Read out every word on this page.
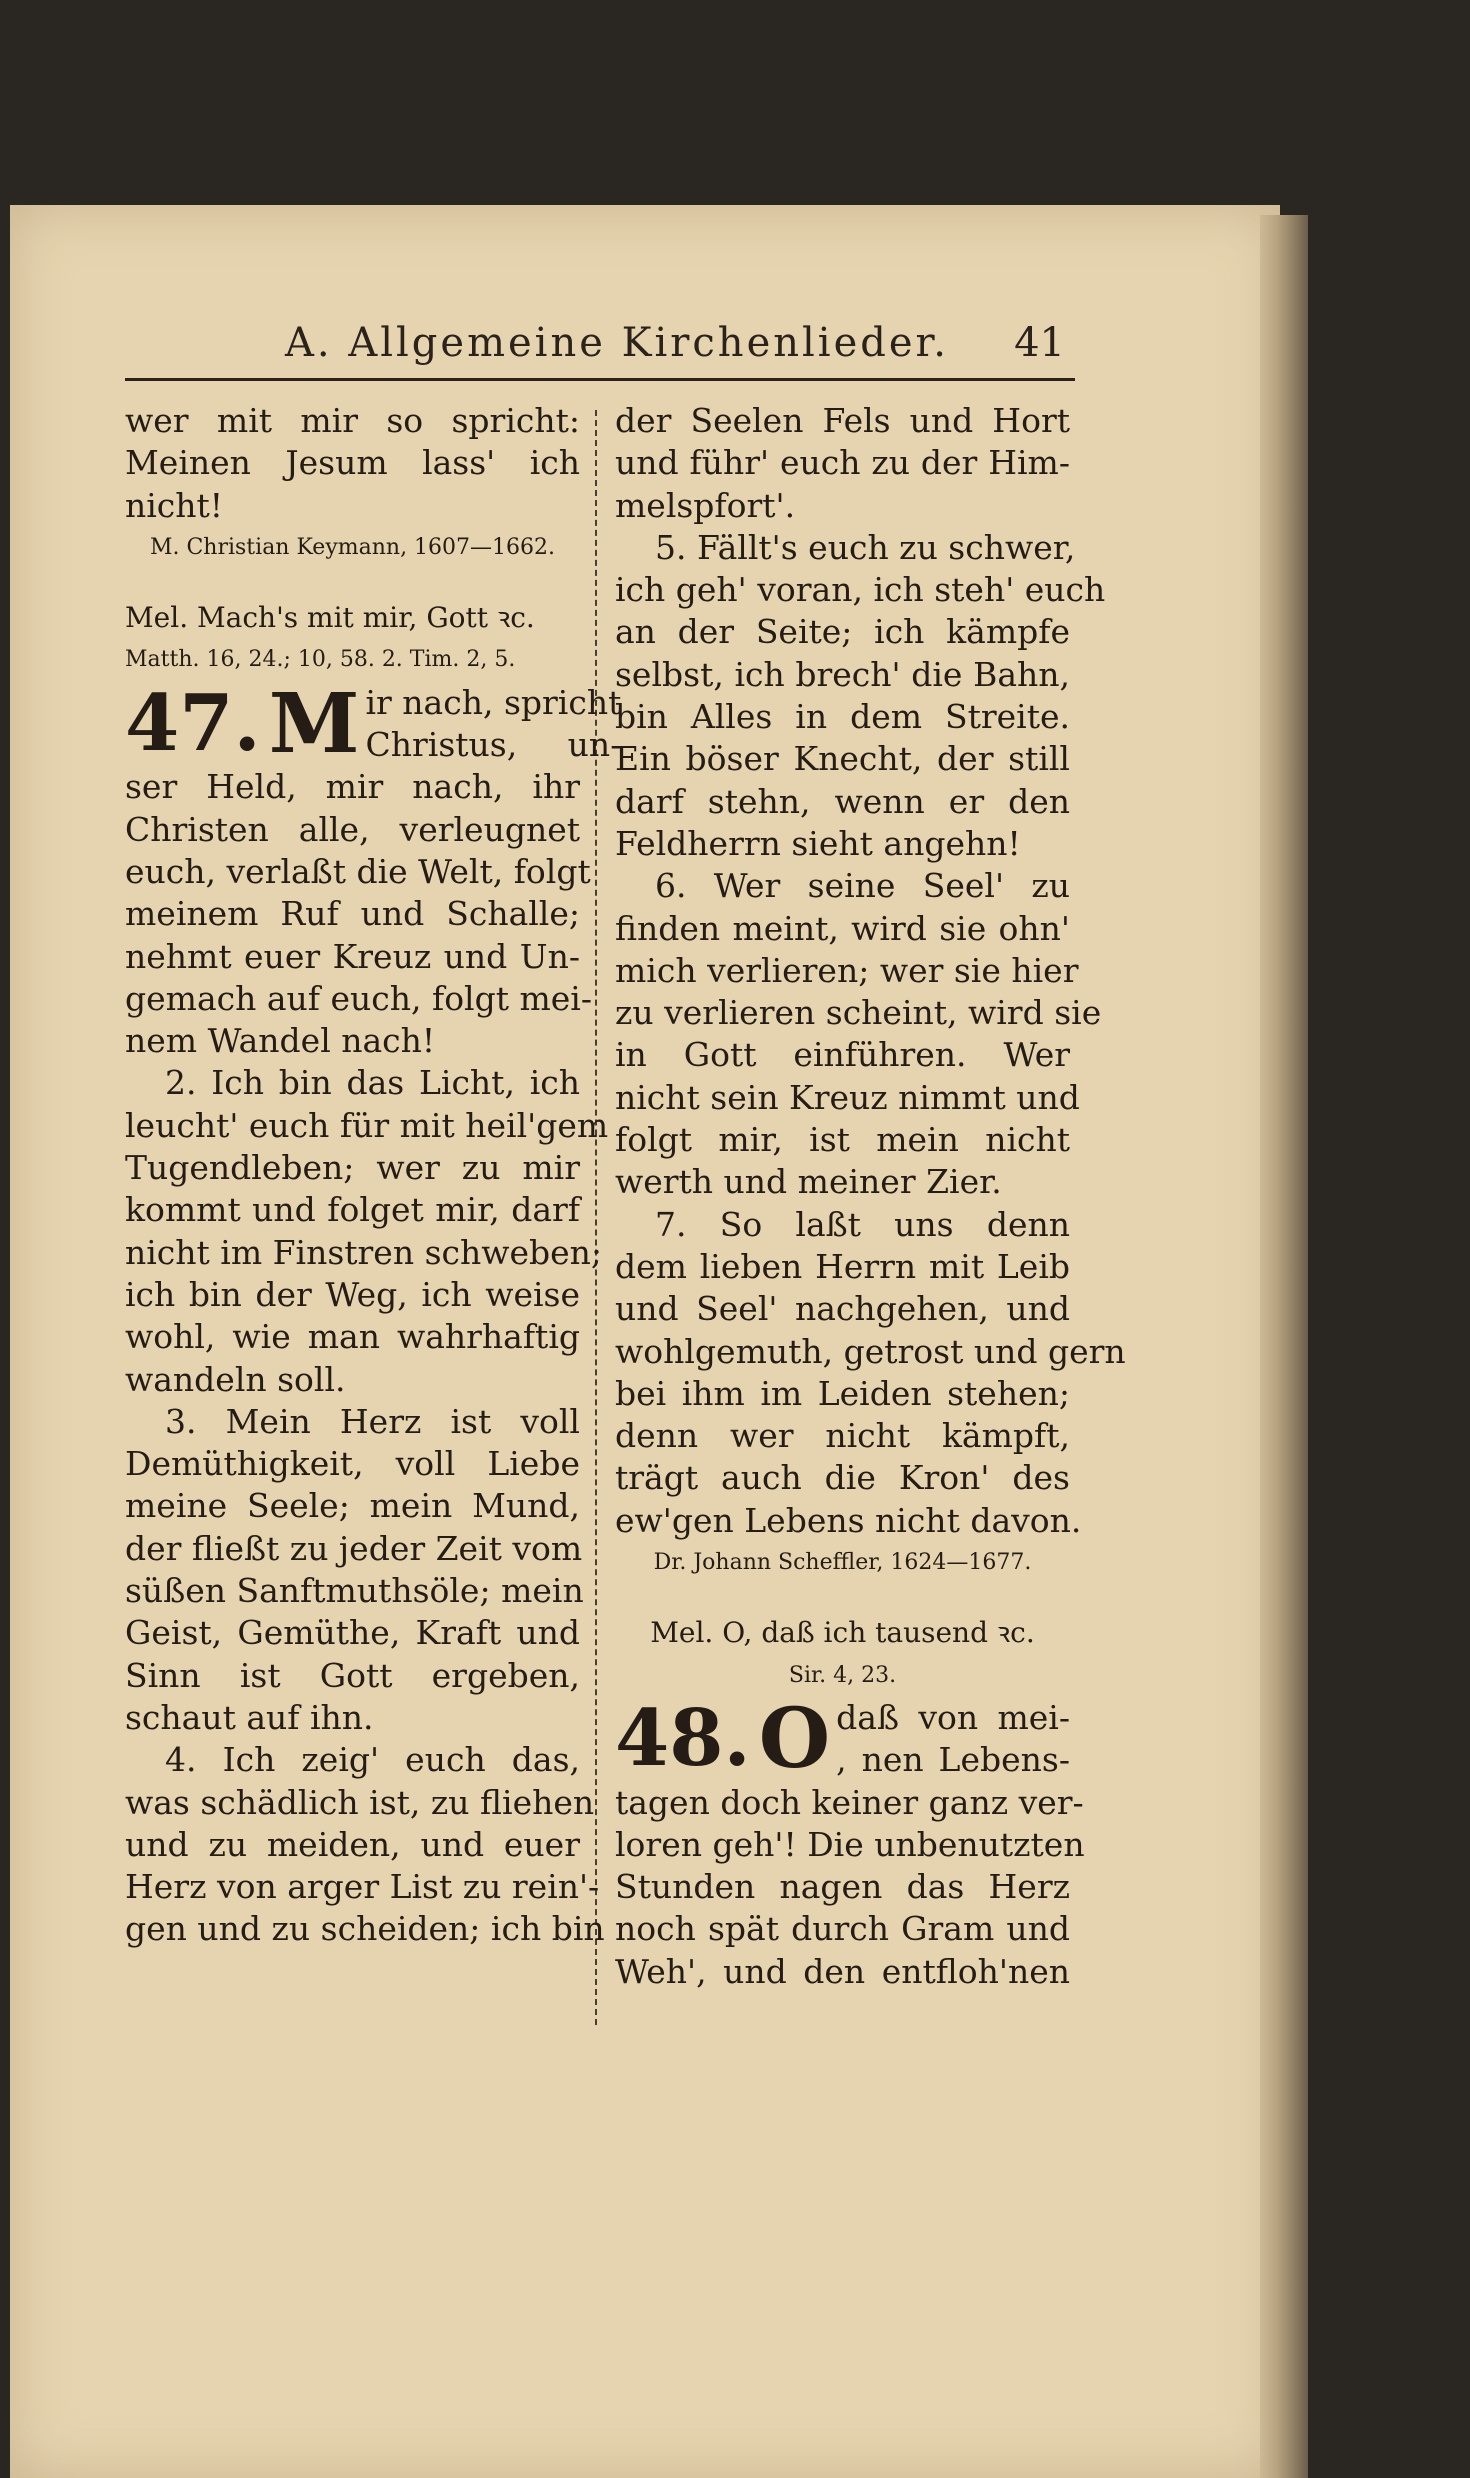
A. Allgemeine Kirchenlieder. 41
wer mit mir so spricht:
Meinen Jesum lass' ich
nicht!
M. Christian Keymann, 1607—1662.
Mel. Mach's mit mir, Gott ꝛc.
Matth. 16, 24.; 10, 58. 2. Tim. 2, 5.
47. M ir nach, spricht
Christus, un-
ser Held, mir nach, ihr
Christen alle, verleugnet
euch, verlaßt die Welt, folgt
meinem Ruf und Schalle;
nehmt euer Kreuz und Un-
gemach auf euch, folgt mei-
nem Wandel nach!
2. Ich bin das Licht, ich
leucht' euch für mit heil'gem
Tugendleben; wer zu mir
kommt und folget mir, darf
nicht im Finstren schweben;
ich bin der Weg, ich weise
wohl, wie man wahrhaftig
wandeln soll.
3. Mein Herz ist voll
Demüthigkeit, voll Liebe
meine Seele; mein Mund,
der fließt zu jeder Zeit vom
süßen Sanftmuthsöle; mein
Geist, Gemüthe, Kraft und
Sinn ist Gott ergeben,
schaut auf ihn.
4. Ich zeig' euch das,
was schädlich ist, zu fliehen
und zu meiden, und euer
Herz von arger List zu rein'-
gen und zu scheiden; ich bin
der Seelen Fels und Hort
und führ' euch zu der Him-
melspfort'.
5. Fällt's euch zu schwer,
ich geh' voran, ich steh' euch
an der Seite; ich kämpfe
selbst, ich brech' die Bahn,
bin Alles in dem Streite.
Ein böser Knecht, der still
darf stehn, wenn er den
Feldherrn sieht angehn!
6. Wer seine Seel' zu
finden meint, wird sie ohn'
mich verlieren; wer sie hier
zu verlieren scheint, wird sie
in Gott einführen. Wer
nicht sein Kreuz nimmt und
folgt mir, ist mein nicht
werth und meiner Zier.
7. So laßt uns denn
dem lieben Herrn mit Leib
und Seel' nachgehen, und
wohlgemuth, getrost und gern
bei ihm im Leiden stehen;
denn wer nicht kämpft,
trägt auch die Kron' des
ew'gen Lebens nicht davon.
Dr. Johann Scheffler, 1624—1677.
Mel. O, daß ich tausend ꝛc.
Sir. 4, 23.
48. O daß von mei-
, nen Lebens-
tagen doch keiner ganz ver-
loren geh'! Die unbenutzten
Stunden nagen das Herz
noch spät durch Gram und
Weh', und den entfloh'nen
